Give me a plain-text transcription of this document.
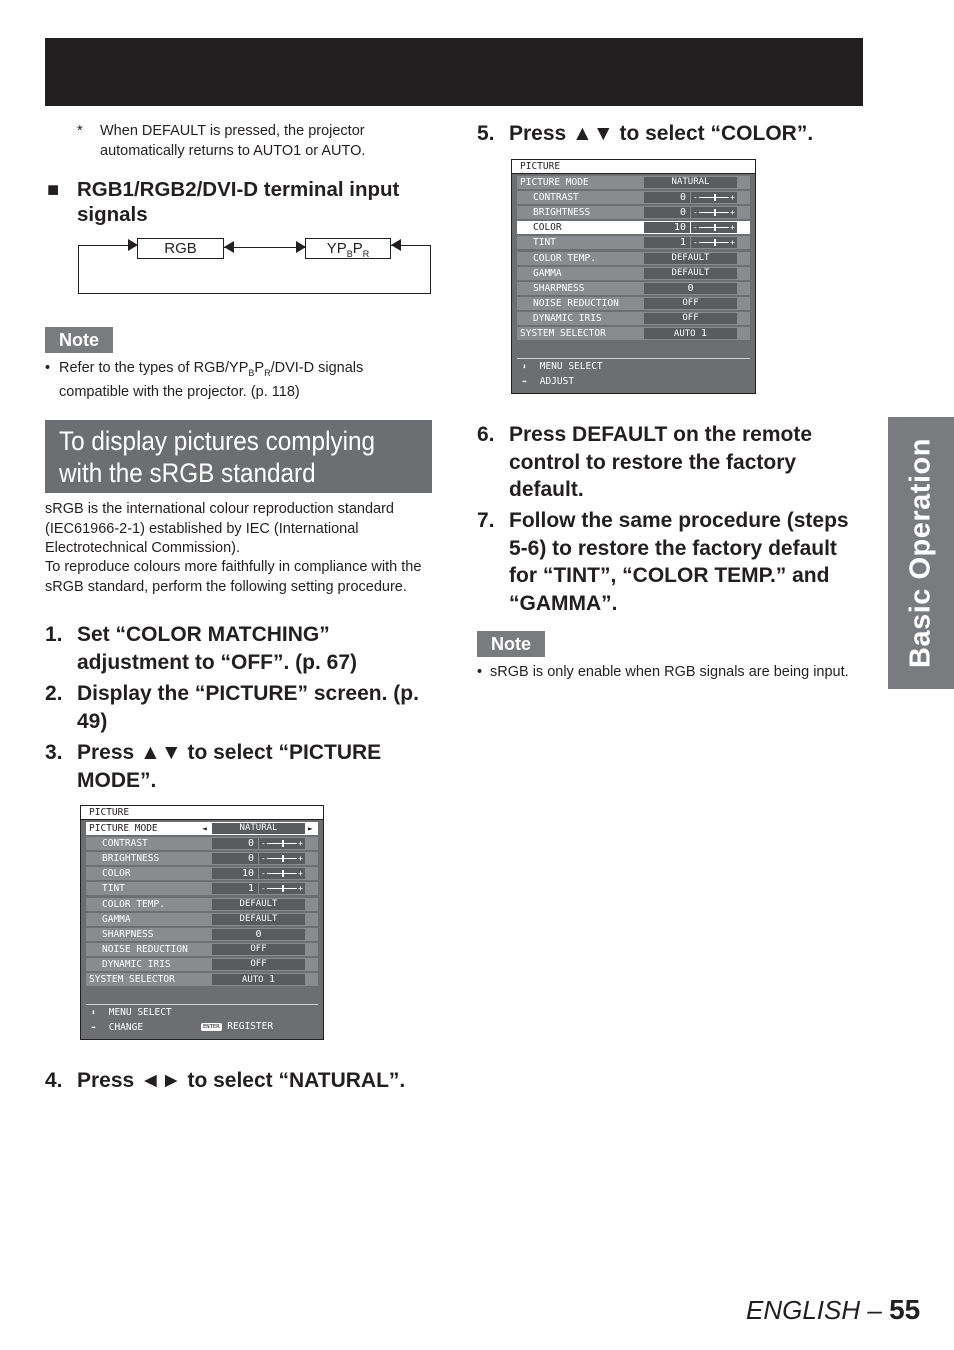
* When DEFAULT is pressed, the projector automatically returns to AUTO1 or AUTO.
■ RGB1/RGB2/DVI-D terminal input signals
RGB	$YP_BP_R$
Note
• Refer to the types of RGB/$YP_BP_R/DVI-D$ signals compatible with the projector. (p. 118)
To display pictures complying
with the sRGB standard
sRGB is the international colour reproduction standard (IEC61966-2-1) established by IEC (International Electrotechnical Commission).
To reproduce colours more faithfully in compliance with the sRGB standard, perform the following setting procedure.
1. Set “COLOR MATCHING” adjustment to “OFF”. (p. 67)
2. Display the “PICTURE” screen. (p. 49)
3. Press ▲▼ to select “PICTURE MODE”.
PICTURE
PICTURE MODE	NATURAL
◄	►
CONTRAST	0 -	+
BRIGHTNESS	0 -	+
COLOR	10 -	+
TINT	1 -	+
COLOR TEMP.	DEFAULT
GAMMA	DEFAULT
SHARPNESS	0
NOISE REDUCTION	OFF
DYNAMIC IRIS	OFF
SYSTEM SELECTOR	AUTO 1
⬍ MENU SELECT
⬌ CHANGE	ENTER REGISTER
4. Press ◄► to select “NATURAL”.
5. Press ▲▼ to select “COLOR”.
PICTURE
PICTURE MODE	NATURAL
CONTRAST	0 -	+
BRIGHTNESS	0 -	+
COLOR	10 -	+
TINT	1 -	+
COLOR TEMP.	DEFAULT
GAMMA	DEFAULT
SHARPNESS	0
NOISE REDUCTION	OFF
DYNAMIC IRIS	OFF
SYSTEM SELECTOR	AUTO 1
⬍ MENU SELECT
⬌ ADJUST
6. Press DEFAULT on the remote control to restore the factory default.
7. Follow the same procedure (steps 5-6) to restore the factory default for “TINT”, “COLOR TEMP.” and “GAMMA”.
Note
• sRGB is only enable when RGB signals are being input.
Basic Operation
ENGLISH – 55
